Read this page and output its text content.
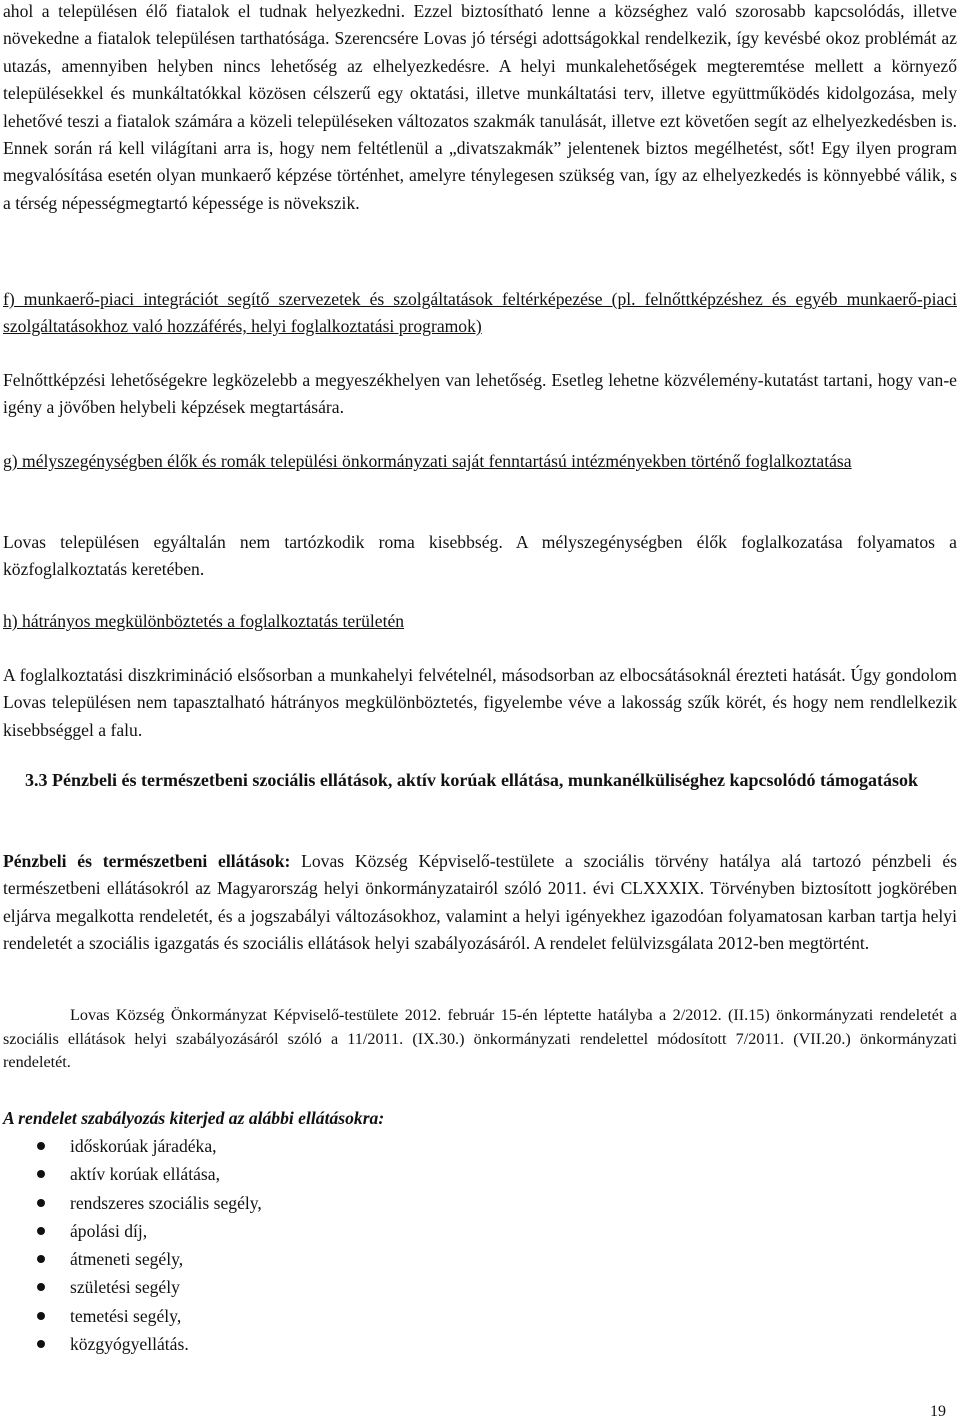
ahol a településen élő fiatalok el tudnak helyezkedni. Ezzel biztosítható lenne a községhez való szorosabb kapcsolódás, illetve növekedne a fiatalok településen tarthatósága. Szerencsére Lovas jó térségi adottságokkal rendelkezik, így kevésbé okoz problémát az utazás, amennyiben helyben nincs lehetőség az elhelyezkedésre. A helyi munkalehetőségek megteremtése mellett a környező településekkel és munkáltatókkal közösen célszerű egy oktatási, illetve munkáltatási terv, illetve együttműködés kidolgozása, mely lehetővé teszi a fiatalok számára a közeli településeken változatos szakmák tanulását, illetve ezt követően segít az elhelyezkedésben is. Ennek során rá kell világítani arra is, hogy nem feltétlenül a „divatszakmák” jelentenek biztos megélhetést, sőt! Egy ilyen program megvalósítása esetén olyan munkaerő képzése történhet, amelyre ténylegesen szükség van, így az elhelyezkedés is könnyebbé válik, s a térség népességmegtartó képessége is növekszik.

f) munkaerő-piaci integrációt segítő szervezetek és szolgáltatások feltérképezése (pl. felnőttképzéshez és egyéb munkaerő-piaci szolgáltatásokhoz való hozzáférés, helyi foglalkoztatási programok)

Felnőttképzési lehetőségekre legközelebb a megyeszékhelyen van lehetőség. Esetleg lehetne közvélemény-kutatást tartani, hogy van-e igény a jövőben helybeli képzések megtartására.

g) mélyszegénységben élők és romák települési önkormányzati saját fenntartású intézményekben történő foglalkoztatása

Lovas településen egyáltalán nem tartózkodik roma kisebbség. A mélyszegénységben élők foglalkozatása folyamatos a közfoglalkoztatás keretében.

h) hátrányos megkülönböztetés a foglalkoztatás területén

A foglalkoztatási diszkrimináció elsősorban a munkahelyi felvételnél, másodsorban az elbocsátásoknál érezteti hatását. Úgy gondolom Lovas településen nem tapasztalható hátrányos megkülönböztetés, figyelembe véve a lakosság szűk körét, és hogy nem rendlelkezik kisebbséggel a falu.

3.3 Pénzbeli és természetbeni szociális ellátások, aktív korúak ellátása, munkanélküliséghez kapcsolódó támogatások

Pénzbeli és természetbeni ellátások: Lovas Község Képviselő-testülete a szociális törvény hatálya alá tartozó pénzbeli és természetbeni ellátásokról az Magyarország helyi önkormányzatairól szóló 2011. évi CLXXXIX. Törvényben biztosított jogkörében eljárva megalkotta rendeletét, és a jogszabályi változásokhoz, valamint a helyi igényekhez igazodóan folyamatosan karban tartja helyi rendeletét a szociális igazgatás és szociális ellátások helyi szabályozásáról. A rendelet felülvizsgálata 2012-ben megtörtént.

Lovas Község Önkormányzat Képviselő-testülete 2012. február 15-én léptette hatályba a 2/2012. (II.15) önkormányzati rendeletét a szociális ellátások helyi szabályozásáról szóló a 11/2011. (IX.30.) önkormányzati rendelettel módosított 7/2011. (VII.20.) önkormányzati rendeletét.

A rendelet szabályozás kiterjed az alábbi ellátásokra:

időskorúak járadéka,
aktív korúak ellátása,
rendszeres szociális segély,
ápolási díj,
átmeneti segély,
születési segély
temetési segély,
közgyógyellátás.
19
